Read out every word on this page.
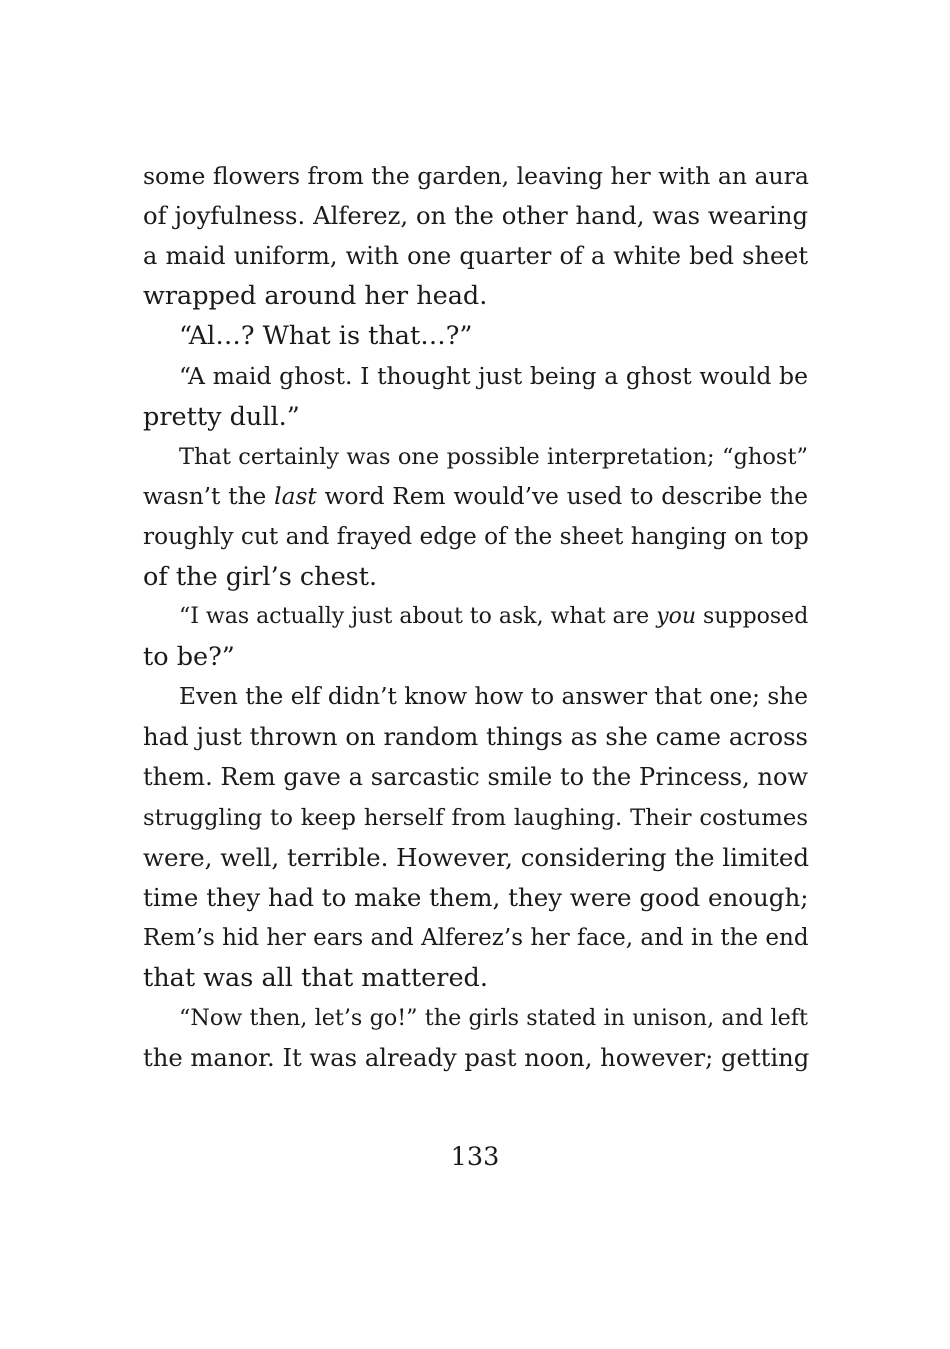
some flowers from the garden, leaving her with an aura
of joyfulness. Alferez, on the other hand, was wearing
a maid uniform, with one quarter of a white bed sheet
wrapped around her head.
“Al…? What is that…?”
“A maid ghost. I thought just being a ghost would be
pretty dull.”
That certainly was one possible interpretation; “ghost”
wasn’t the last word Rem would’ve used to describe the
roughly cut and frayed edge of the sheet hanging on top
of the girl’s chest.
“I was actually just about to ask, what are you supposed
to be?”
Even the elf didn’t know how to answer that one; she
had just thrown on random things as she came across
them. Rem gave a sarcastic smile to the Princess, now
struggling to keep herself from laughing. Their costumes
were, well, terrible. However, considering the limited
time they had to make them, they were good enough;
Rem’s hid her ears and Alferez’s her face, and in the end
that was all that mattered.
“Now then, let’s go!” the girls stated in unison, and left
the manor. It was already past noon, however; getting
133
